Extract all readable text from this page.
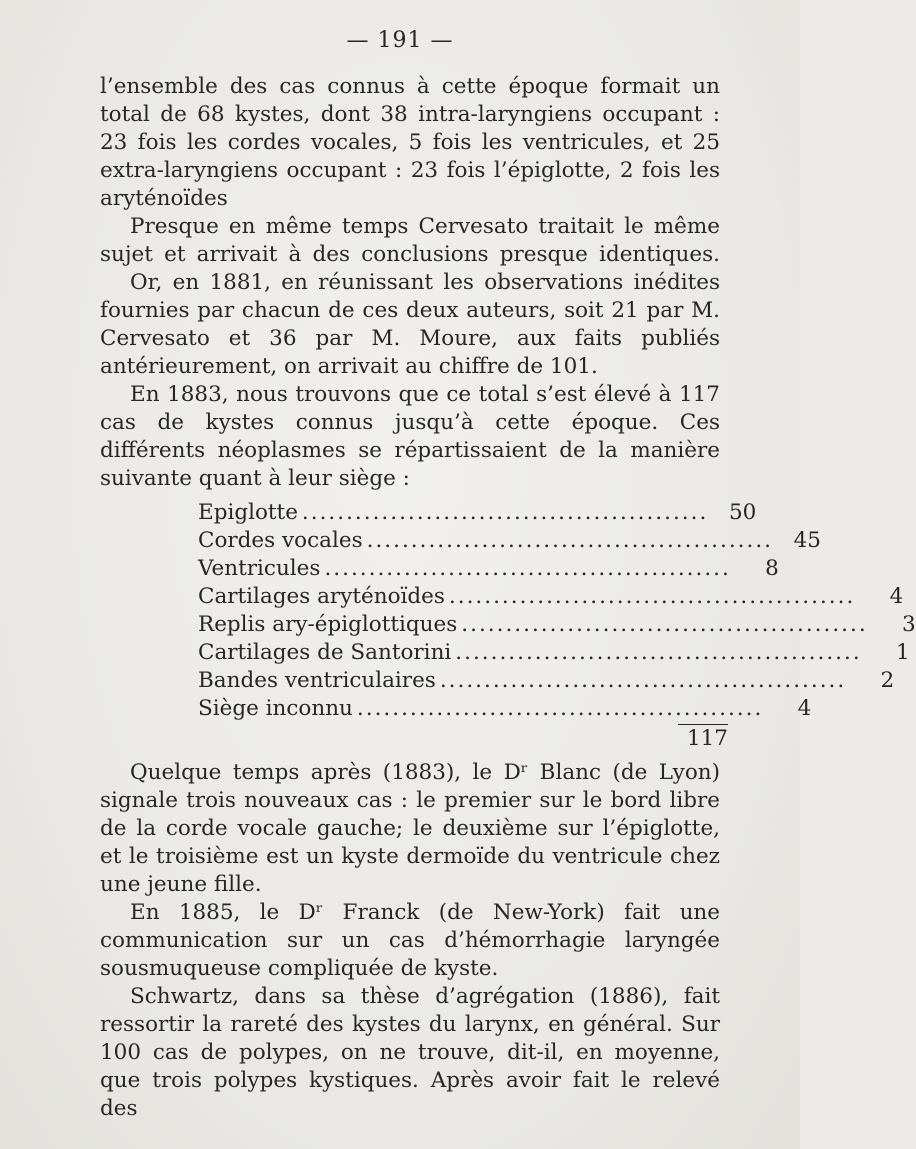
— 191 —

l’ensemble des cas connus à cette époque formait un total de 68 kystes, dont 38 intra-laryngiens occupant : 23 fois les cordes vocales, 5 fois les ventricules, et 25 extra-laryngiens occupant : 23 fois l’épiglotte, 2 fois les aryténoïdes

Presque en même temps Cervesato traitait le même sujet et arrivait à des conclusions presque identiques.

Or, en 1881, en réunissant les observations inédites fournies par chacun de ces deux auteurs, soit 21 par M. Cervesato et 36 par M. Moure, aux faits publiés antérieurement, on arrivait au chiffre de 101.

En 1883, nous trouvons que ce total s’est élevé à 117 cas de kystes connus jusqu’à cette époque. Ces différents néoplasmes se répartissaient de la manière suivante quant à leur siège :

Epiglotte .............................................. 50
Cordes vocales .............................................. 45
Ventricules ..............................................	8
Cartilages aryténoïdes ..............................................	4
Replis ary-épiglottiques ..............................................	3
Cartilages de Santorini ..............................................	1
Bandes ventriculaires ..............................................	2
Siège inconnu ..............................................	4
117

Quelque temps après (1883), le Dʳ Blanc (de Lyon) signale trois nouveaux cas : le premier sur le bord libre de la corde vocale gauche; le deuxième sur l’épiglotte, et le troisième est un kyste dermoïde du ventricule chez une jeune fille.

En 1885, le Dʳ Franck (de New-York) fait une communication sur un cas d’hémorrhagie laryngée sousmuqueuse compliquée de kyste.

Schwartz, dans sa thèse d’agrégation (1886), fait ressortir la rareté des kystes du larynx, en général. Sur 100 cas de polypes, on ne trouve, dit-il, en moyenne, que trois polypes kystiques. Après avoir fait le relevé des
